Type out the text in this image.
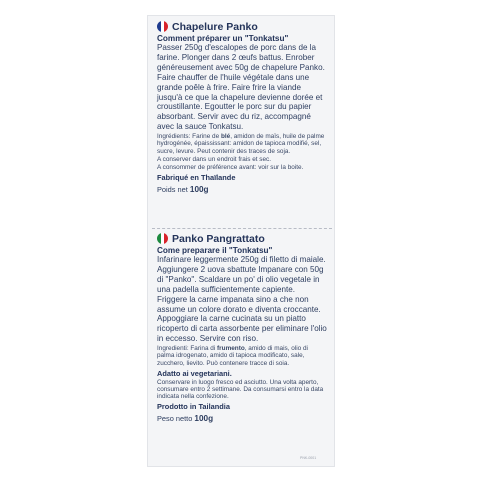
Chapelure Panko
Comment préparer un "Tonkatsu"
Passer 250g d'escalopes de porc dans de la farine. Plonger dans 2 œufs battus. Enrober généreusement avec 50g de chapelure Panko. Faire chauffer de l'huile végétale dans une grande poêle à frire. Faire frire la viande jusqu'à ce que la chapelure devienne dorée et croustillante. Egoutter le porc sur du papier absorbant. Servir avec du riz, accompagné avec la sauce Tonkatsu.
Ingrédients: Farine de blé, amidon de maïs, huile de palme hydrogénée, épaississant: amidon de tapioca modifié, sel, sucre, levure. Peut contenir des traces de soja.
A conserver dans un endroit frais et sec.
A consommer de préférence avant: voir sur la boite.
Fabriqué en Thaïlande
Poids net 100g
Panko Pangrattato
Come preparare il "Tonkatsu"
Infarinare leggermente 250g di filetto di maiale. Aggiungere 2 uova sbattute Impanare con 50g di "Panko". Scaldare un po' di olio vegetale in una padella sufficientemente capiente. Friggere la carne impanata sino a che non assume un colore dorato e diventa croccante. Appoggiare la carne cucinata su un piatto ricoperto di carta assorbente per eliminare l'olio in eccesso. Servire con riso.
Ingredienti: Farina di frumento, amido di mais, olio di palma idrogenato, amido di tapioca modificato, sale, zucchero, lievito. Può contenere tracce di soia.
Adatto ai vegetariani.
Conservare in luogo fresco ed asciutto. Una volta aperto, consumare entro 2 settimane. Da consumarsi entro la data indicata nella confezione.
Prodotto in Tailandia
Peso netto 100g
PNK-0001
